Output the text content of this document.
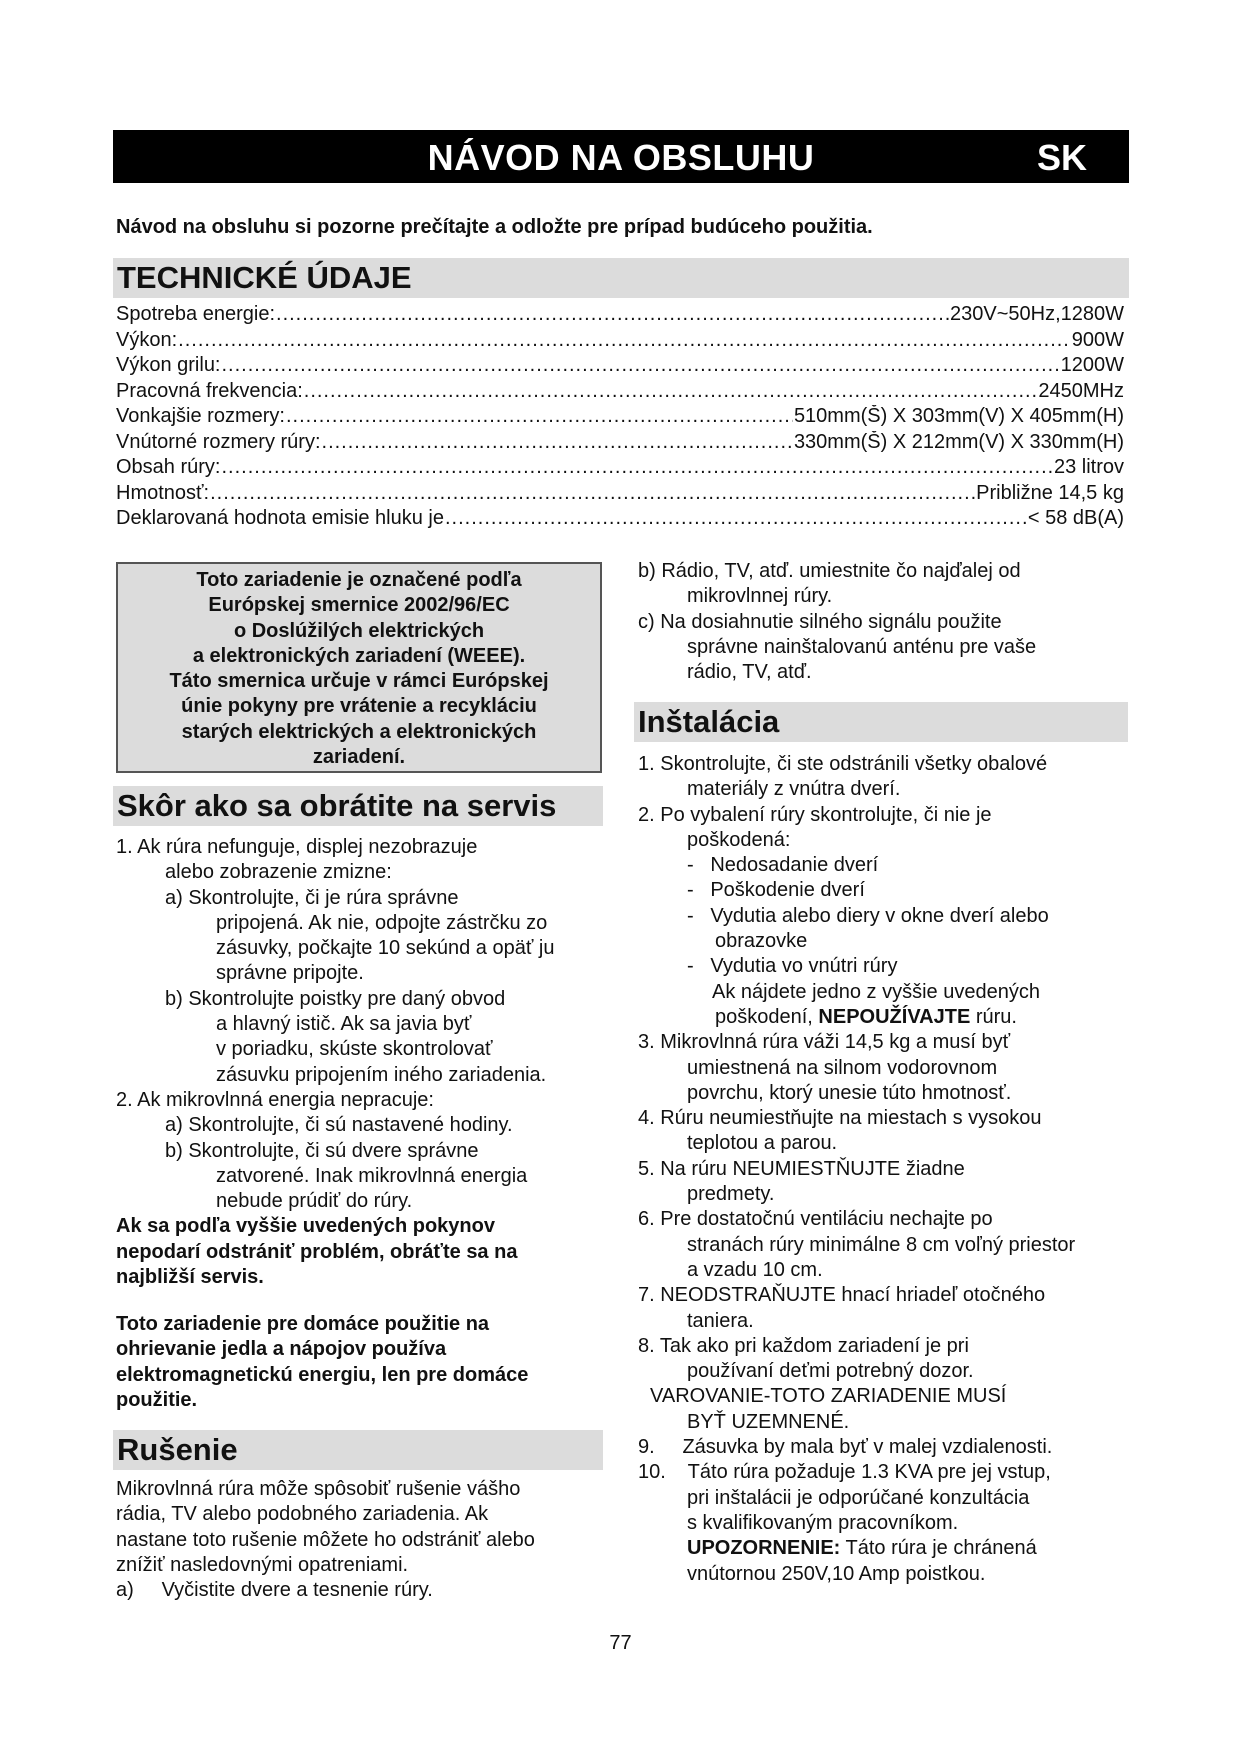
NÁVOD NA OBSLUHU	SK
Návod na obsluhu si pozorne prečítajte a odložte pre prípad budúceho použitia.
TECHNICKÉ ÚDAJE
Spotreba energie: .....	230V~50Hz,1280W
Výkon: .....	900W
Výkon grilu: .....	1200W
Pracovná frekvencia: .....	2450MHz
Vonkajšie rozmery: .....	510mm(Š) X 303mm(V) X 405mm(H)
Vnútorné rozmery rúry: .....	330mm(Š) X 212mm(V) X 330mm(H)
Obsah rúry: .....	23 litrov
Hmotnosť: .....	Približne 14,5 kg
Deklarovaná hodnota emisie hluku je .....	< 58 dB(A)
Toto zariadenie je označené podľa
Európskej smernice 2002/96/EC
o Doslúžilých elektrických
a elektronických zariadení (WEEE).
Táto smernica určuje v rámci Európskej
únie pokyny pre vrátenie a recykláciu
starých elektrických a elektronických
zariadení.
Skôr ako sa obrátite na servis
1. Ak rúra nefunguje, displej nezobrazuje
alebo zobrazenie zmizne:
a) Skontrolujte, či je rúra správne
pripojená. Ak nie, odpojte zástrčku zo
zásuvky, počkajte 10 sekúnd a opäť ju
správne pripojte.
b) Skontrolujte poistky pre daný obvod
a hlavný istič. Ak sa javia byť
v poriadku, skúste skontrolovať
zásuvku pripojením iného zariadenia.
2. Ak mikrovlnná energia nepracuje:
a) Skontrolujte, či sú nastavené hodiny.
b) Skontrolujte, či sú dvere správne
zatvorené. Inak mikrovlnná energia
nebude prúdiť do rúry.
Ak sa podľa vyššie uvedených pokynov
nepodarí odstrániť problém, obráťte sa na
najbližší servis.
Toto zariadenie pre domáce použitie na
ohrievanie jedla a nápojov používa
elektromagnetickú energiu, len pre domáce
použitie.
Rušenie
Mikrovlnná rúra môže spôsobiť rušenie vášho
rádia, TV alebo podobného zariadenia. Ak
nastane toto rušenie môžete ho odstrániť alebo
znížiť nasledovnými opatreniami.
a)     Vyčistite dvere a tesnenie rúry.
b) Rádio, TV, atď. umiestnite čo najďalej od
mikrovlnnej rúry.
c) Na dosiahnutie silného signálu použite
správne nainštalovanú anténu pre vaše
rádio, TV, atď.
Inštalácia
1. Skontrolujte, či ste odstránili všetky obalové
materiály z vnútra dverí.
2. Po vybalení rúry skontrolujte, či nie je
poškodená:
-   Nedosadanie dverí
-   Poškodenie dverí
-   Vydutia alebo diery v okne dverí alebo
obrazovke
-   Vydutia vo vnútri rúry
Ak nájdete jedno z vyššie uvedených
poškodení, NEPOUŽÍVAJTE rúru.
3. Mikrovlnná rúra váži 14,5 kg a musí byť
umiestnená na silnom vodorovnom
povrchu, ktorý unesie túto hmotnosť.
4. Rúru neumiestňujte na miestach s vysokou
teplotou a parou.
5. Na rúru NEUMIESTŇUJTE žiadne
predmety.
6. Pre dostatočnú ventiláciu nechajte po
stranách rúry minimálne 8 cm voľný priestor
a vzadu 10 cm.
7. NEODSTRAŇUJTE hnací hriadeľ otočného
taniera.
8. Tak ako pri každom zariadení je pri
používaní deťmi potrebný dozor.
VAROVANIE-TOTO ZARIADENIE MUSÍ
BYŤ UZEMNENÉ.
9.     Zásuvka by mala byť v malej vzdialenosti.
10.    Táto rúra požaduje 1.3 KVA pre jej vstup,
pri inštalácii je odporúčané konzultácia
s kvalifikovaným pracovníkom.
UPOZORNENIE: Táto rúra je chránená
vnútornou 250V,10 Amp poistkou.
77
